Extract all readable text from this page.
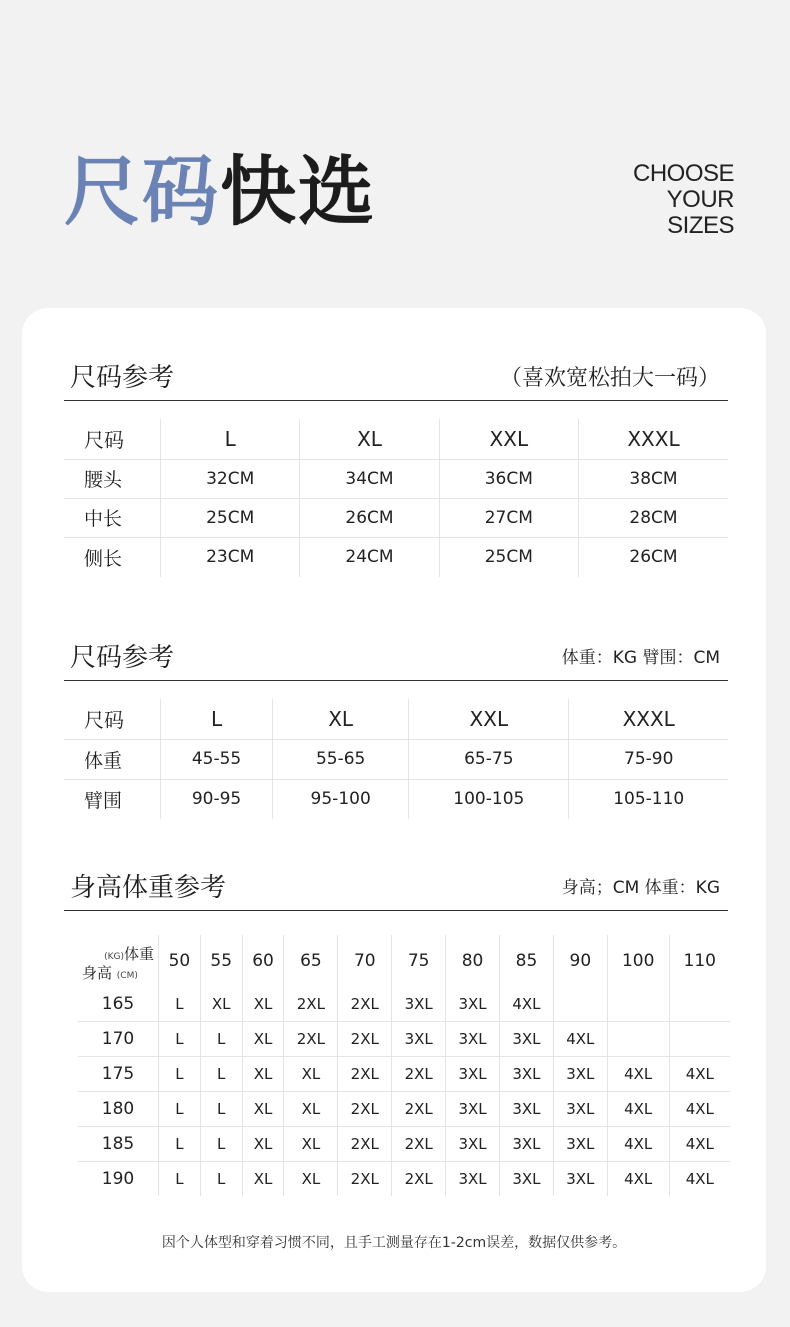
尺码快选	CHOOSE
YOUR
SIZES
尺码参考	（喜欢宽松拍大一码）
尺码	L	XL	XXL	XXXL
腰头	32CM	34CM	36CM	38CM
中长	25CM	26CM	27CM	28CM
侧长	23CM	24CM	25CM	26CM
尺码参考	体重：KG 臂围：CM
尺码	L	XL	XXL	XXXL
体重	45-55	55-65	65-75	75-90
臂围	90-95	95-100	100-105	105-110
身高体重参考	身高；CM 体重：KG
(KG)体重
身高 (CM)	50	55	60	65	70	75	80	85	90	100	110
165	L	XL	XL	2XL	2XL	3XL	3XL	4XL			
170	L	L	XL	2XL	2XL	3XL	3XL	3XL	4XL		
175	L	L	XL	XL	2XL	2XL	3XL	3XL	3XL	4XL	4XL
180	L	L	XL	XL	2XL	2XL	3XL	3XL	3XL	4XL	4XL
185	L	L	XL	XL	2XL	2XL	3XL	3XL	3XL	4XL	4XL
190	L	L	XL	XL	2XL	2XL	3XL	3XL	3XL	4XL	4XL
因个人体型和穿着习惯不同，且手工测量存在1-2cm误差，数据仅供参考。
